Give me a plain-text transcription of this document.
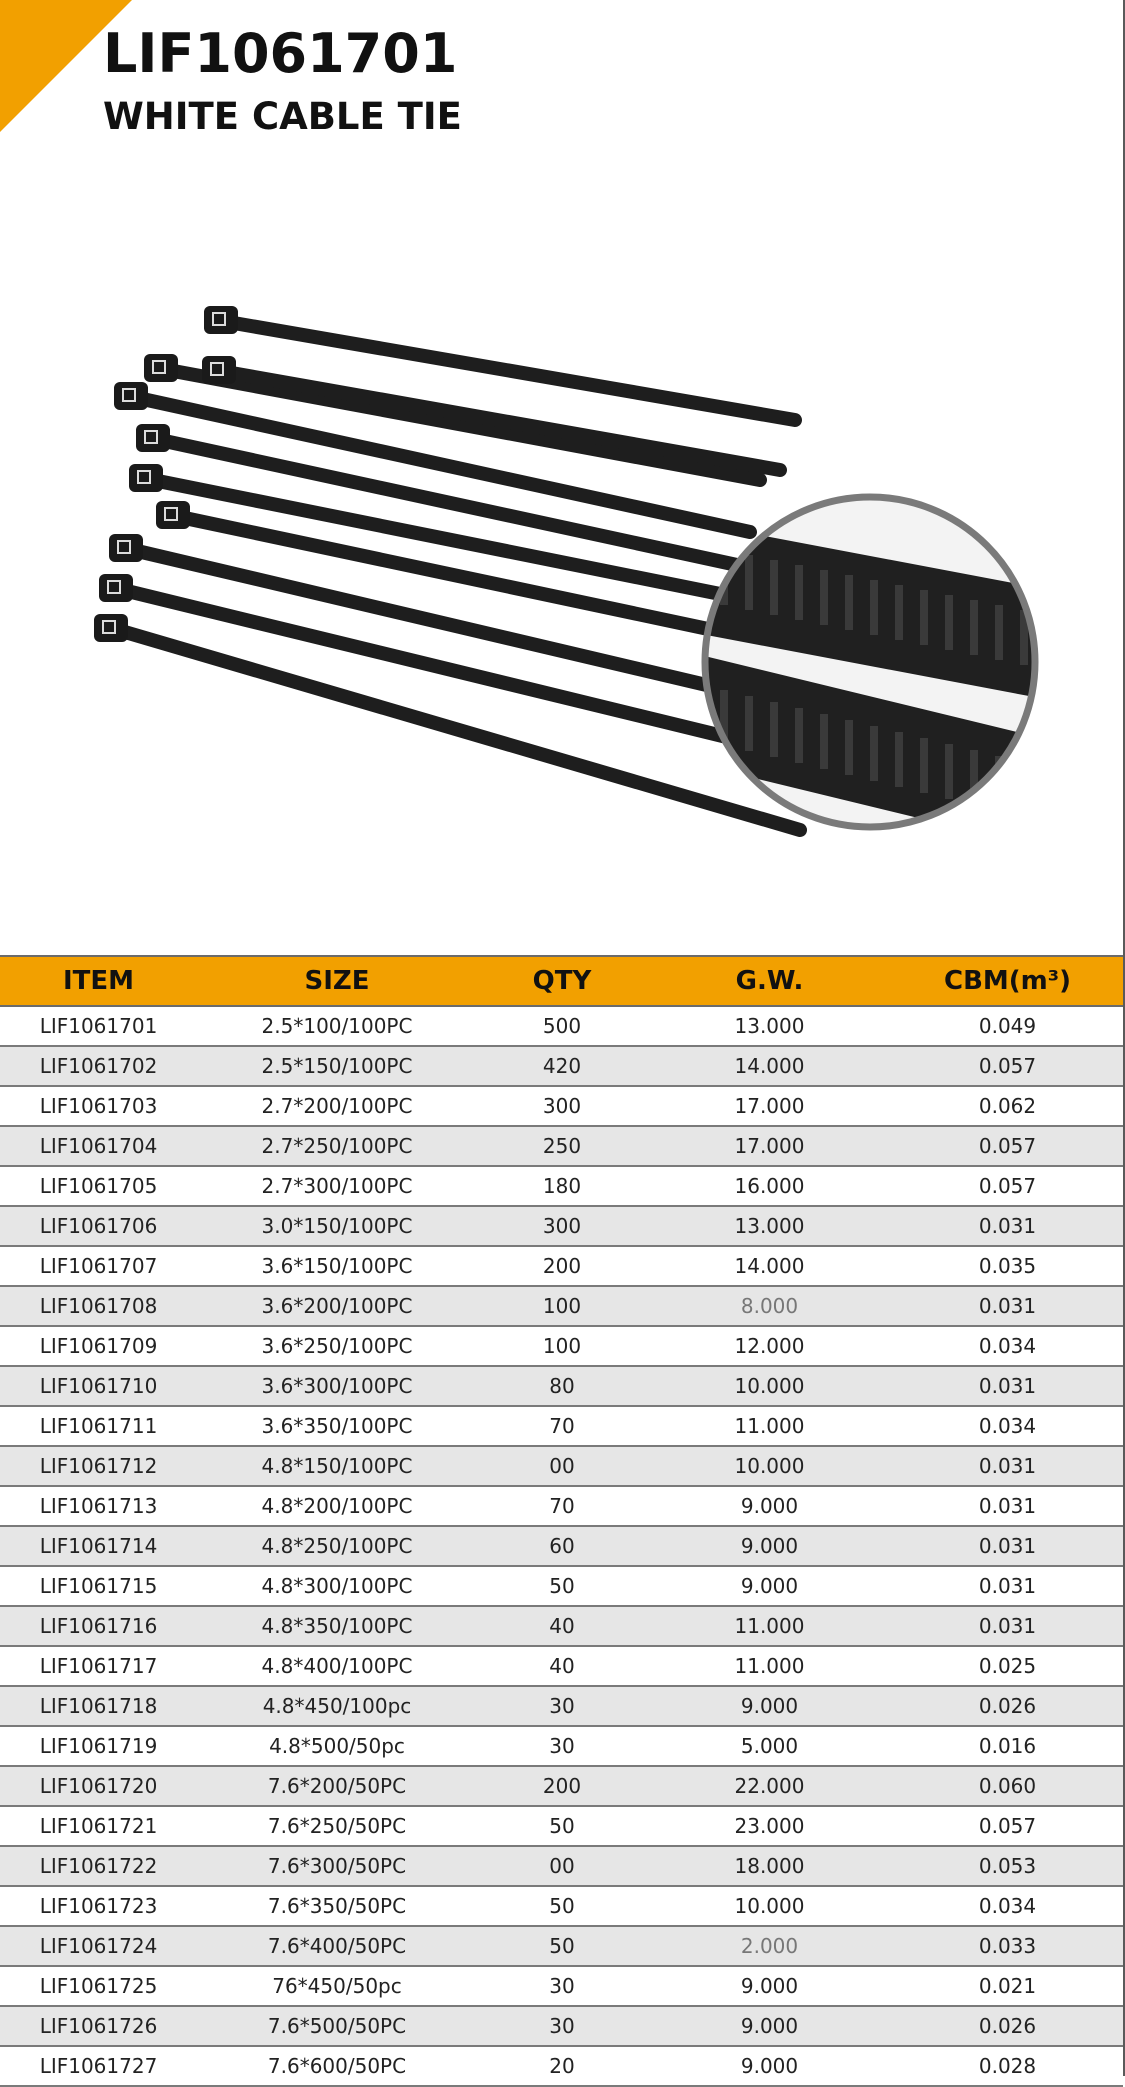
LIF1061701
WHITE CABLE TIE
ITEM	SIZE	QTY	G.W.	CBM(m³)
LIF1061701	2.5*100/100PC	500	13.000	0.049
LIF1061702	2.5*150/100PC	420	14.000	0.057
LIF1061703	2.7*200/100PC	300	17.000	0.062
LIF1061704	2.7*250/100PC	250	17.000	0.057
LIF1061705	2.7*300/100PC	180	16.000	0.057
LIF1061706	3.0*150/100PC	300	13.000	0.031
LIF1061707	3.6*150/100PC	200	14.000	0.035
LIF1061708	3.6*200/100PC	100	8.000	0.031
LIF1061709	3.6*250/100PC	100	12.000	0.034
LIF1061710	3.6*300/100PC	80	10.000	0.031
LIF1061711	3.6*350/100PC	70	11.000	0.034
LIF1061712	4.8*150/100PC	00	10.000	0.031
LIF1061713	4.8*200/100PC	70	9.000	0.031
LIF1061714	4.8*250/100PC	60	9.000	0.031
LIF1061715	4.8*300/100PC	50	9.000	0.031
LIF1061716	4.8*350/100PC	40	11.000	0.031
LIF1061717	4.8*400/100PC	40	11.000	0.025
LIF1061718	4.8*450/100pc	30	9.000	0.026
LIF1061719	4.8*500/50pc	30	5.000	0.016
LIF1061720	7.6*200/50PC	200	22.000	0.060
LIF1061721	7.6*250/50PC	50	23.000	0.057
LIF1061722	7.6*300/50PC	00	18.000	0.053
LIF1061723	7.6*350/50PC	50	10.000	0.034
LIF1061724	7.6*400/50PC	50	2.000	0.033
LIF1061725	76*450/50pc	30	9.000	0.021
LIF1061726	7.6*500/50PC	30	9.000	0.026
LIF1061727	7.6*600/50PC	20	9.000	0.028
